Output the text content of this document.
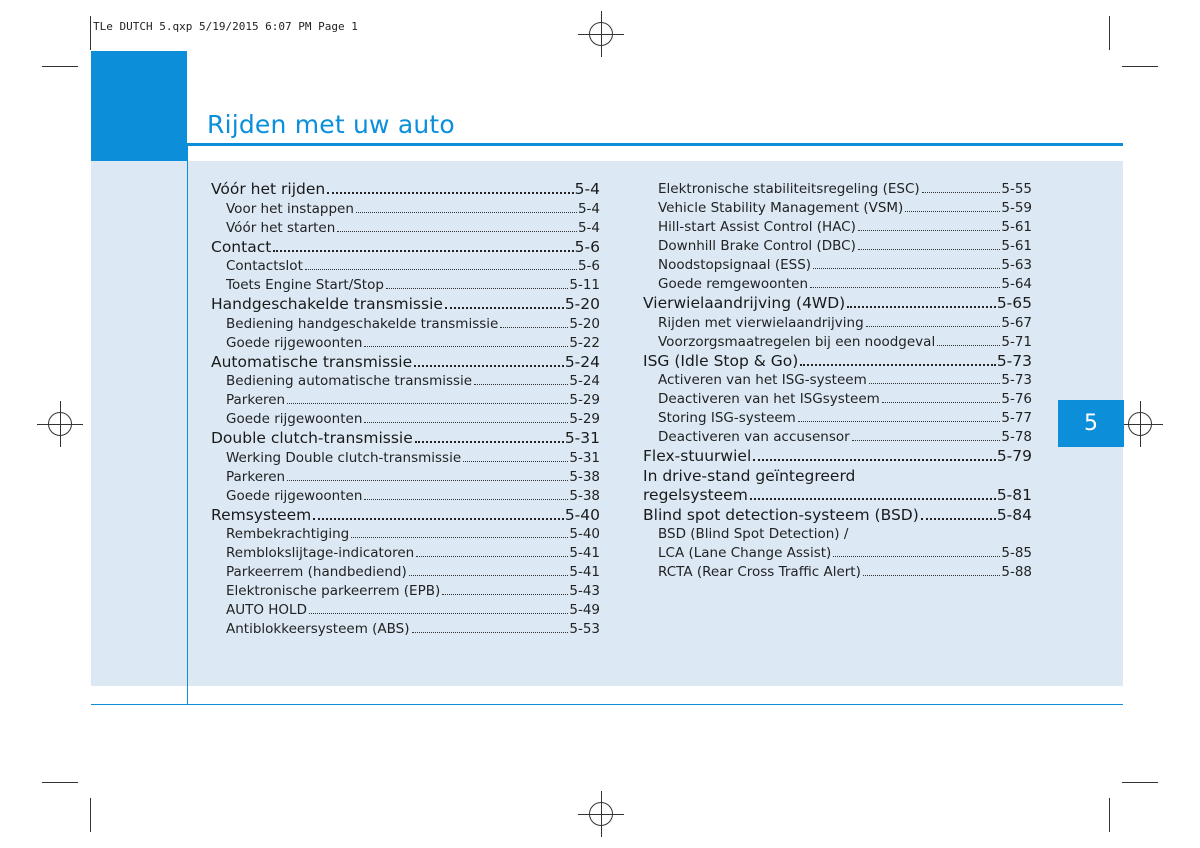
TLe DUTCH 5.qxp 5/19/2015 6:07 PM Page 1
Rijden met uw auto
5
Vóór het rijden	5-4
Voor het instappen	5-4
Vóór het starten	5-4
Contact	5-6
Contactslot	5-6
Toets Engine Start/Stop	5-11
Handgeschakelde transmissie	5-20
Bediening handgeschakelde transmissie	5-20
Goede rijgewoonten	5-22
Automatische transmissie	5-24
Bediening automatische transmissie	5-24
Parkeren	5-29
Goede rijgewoonten	5-29
Double clutch-transmissie	5-31
Werking Double clutch-transmissie	5-31
Parkeren	5-38
Goede rijgewoonten	5-38
Remsysteem	5-40
Rembekrachtiging	5-40
Remblokslijtage-indicatoren	5-41
Parkeerrem (handbediend)	5-41
Elektronische parkeerrem (EPB)	5-43
AUTO HOLD	5-49
Antiblokkeersysteem (ABS)	5-53
Elektronische stabiliteitsregeling (ESC)	5-55
Vehicle Stability Management (VSM)	5-59
Hill-start Assist Control (HAC)	5-61
Downhill Brake Control (DBC)	5-61
Noodstopsignaal (ESS)	5-63
Goede remgewoonten	5-64
Vierwielaandrijving (4WD)	5-65
Rijden met vierwielaandrijving	5-67
Voorzorgsmaatregelen bij een noodgeval	5-71
ISG (Idle Stop & Go)	5-73
Activeren van het ISG-systeem	5-73
Deactiveren van het ISGsysteem	5-76
Storing ISG-systeem	5-77
Deactiveren van accusensor	5-78
Flex-stuurwiel	5-79
In drive-stand geïntegreerd
regelsysteem	5-81
Blind spot detection-systeem (BSD)	5-84
BSD (Blind Spot Detection) /
LCA (Lane Change Assist)	5-85
RCTA (Rear Cross Traffic Alert)	5-88
